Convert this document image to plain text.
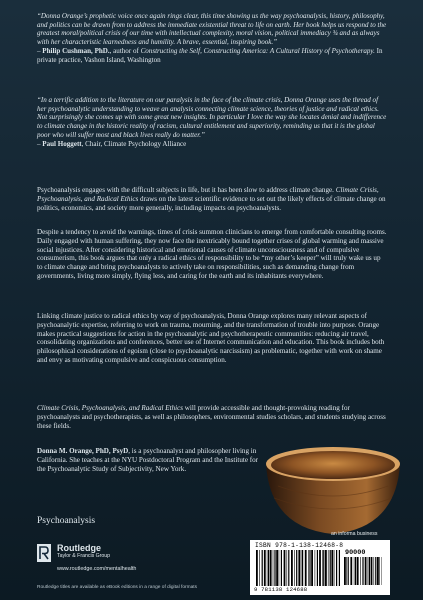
“Donna Orange’s prophetic voice once again rings clear, this time showing us the way psychoanalysis, history, philosophy, and politics can be drawn from to address the immediate existential threat to life on earth. Her book helps us respond to the greatest moral/political crisis of our time with intellectual complexity, moral vision, political immediacy ¾ and as always with her characteristic learnedness and humility. A brave, essential, inspiring book.”

– Philip Cushman, PhD., author of Constructing the Self, Constructing America: A Cultural History of Psychotherapy. In private practice, Vashon Island, Washington

“In a terrific addition to the literature on our paralysis in the face of the climate crisis, Donna Orange uses the thread of her psychoanalytic understanding to weave an analysis connecting climate science, theories of justice and radical ethics. Not surprisingly she comes up with some great new insights. In particular I love the way she locates denial and indifference to climate change in the historic reality of racism, cultural entitlement and superiority, reminding us that it is the global poor who will suffer most and black lives really do matter.”

– Paul Hoggett, Chair, Climate Psychology Alliance

Psychoanalysis engages with the difficult subjects in life, but it has been slow to address climate change. Climate Crisis, Psychoanalysis, and Radical Ethics draws on the latest scientific evidence to set out the likely effects of climate change on politics, economics, and society more generally, including impacts on psychoanalysts.

Despite a tendency to avoid the warnings, times of crisis summon clinicians to emerge from comfortable consulting rooms. Daily engaged with human suffering, they now face the inextricably bound together crises of global warming and massive social injustices. After considering historical and emotional causes of climate unconsciousness and of compulsive consumerism, this book argues that only a radical ethics of responsibility to be “my other’s keeper” will truly wake us up to climate change and bring psychoanalysts to actively take on responsibilities, such as demanding change from governments, living more simply, flying less, and caring for the earth and its inhabitants everywhere.

Linking climate justice to radical ethics by way of psychoanalysis, Donna Orange explores many relevant aspects of psychoanalytic expertise, referring to work on trauma, mourning, and the transformation of trouble into purpose. Orange makes practical suggestions for action in the psychoanalytic and psychotherapeutic communities: reducing air travel, consolidating organizations and conferences, better use of Internet communication and education. This book includes both philosophical considerations of egoism (close to psychoanalytic narcissism) as problematic, together with work on shame and envy as motivating compulsive and conspicuous consumption.

Climate Crisis, Psychoanalysis, and Radical Ethics will provide accessible and thought-provoking reading for psychoanalysts and psychotherapists, as well as philosophers, environmental studies scholars, and students studying across these fields.

Donna M. Orange, PhD, PsyD, is a psychoanalyst and philosopher living in California. She teaches at the NYU Postdoctoral Program and the Institute for the Psychoanalytic Study of Subjectivity, New York.

Psychoanalysis
Routledge
Taylor & Francis Group
www.routledge.com/mentalhealth
Routledge titles are available as eBook editions in a range of digital formats
an informa business
ISBN 978-1-138-12468-8
90000
9 781138 124688
